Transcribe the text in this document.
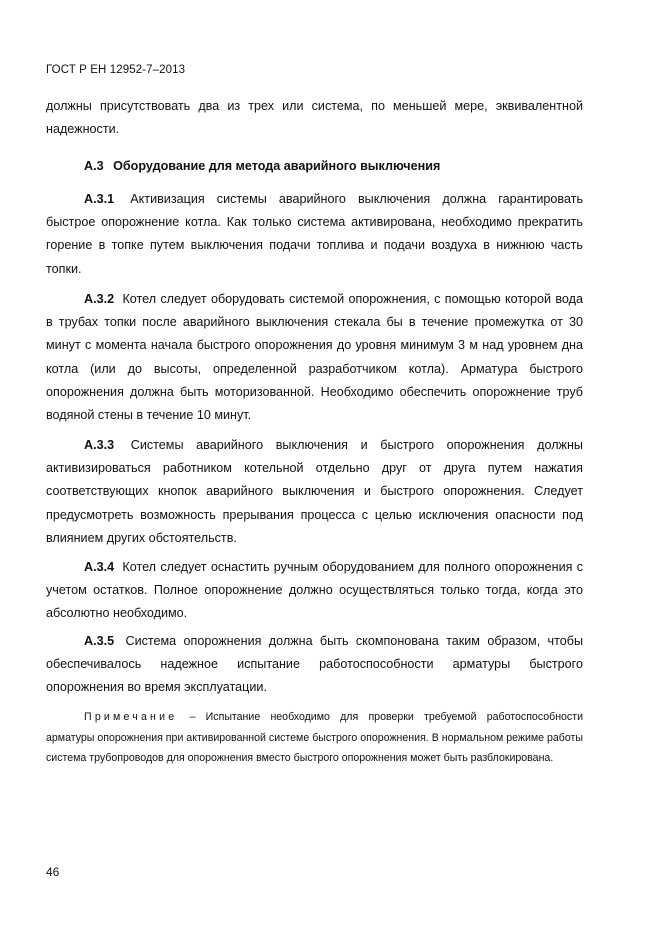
ГОСТ Р ЕН 12952-7–2013
должны присутствовать два из трех или система, по меньшей мере, эквивалентной надежности.
А.3 Оборудование для метода аварийного выключения
А.3.1 Активизация системы аварийного выключения должна гарантировать быстрое опорожнение котла. Как только система активирована, необходимо прекратить горение в топке путем выключения подачи топлива и подачи воздуха в нижнюю часть топки.
А.3.2 Котел следует оборудовать системой опорожнения, с помощью которой вода в трубах топки после аварийного выключения стекала бы в течение промежутка от 30 минут с момента начала быстрого опорожнения до уровня минимум 3 м над уровнем дна котла (или до высоты, определенной разработчиком котла). Арматура быстрого опорожнения должна быть моторизованной. Необходимо обеспечить опорожнение труб водяной стены в течение 10 минут.
А.3.3 Системы аварийного выключения и быстрого опорожнения должны активизироваться работником котельной отдельно друг от друга путем нажатия соответствующих кнопок аварийного выключения и быстрого опорожнения. Следует предусмотреть возможность прерывания процесса с целью исключения опасности под влиянием других обстоятельств.
А.3.4 Котел следует оснастить ручным оборудованием для полного опорожнения с учетом остатков. Полное опорожнение должно осуществляться только тогда, когда это абсолютно необходимо.
А.3.5 Система опорожнения должна быть скомпонована таким образом, чтобы обеспечивалось надежное испытание работоспособности арматуры быстрого опорожнения во время эксплуатации.
Примечание – Испытание необходимо для проверки требуемой работоспособности арматуры опорожнения при активированной системе быстрого опорожнения. В нормальном режиме работы система трубопроводов для опорожнения вместо быстрого опорожнения может быть разблокирована.
46
